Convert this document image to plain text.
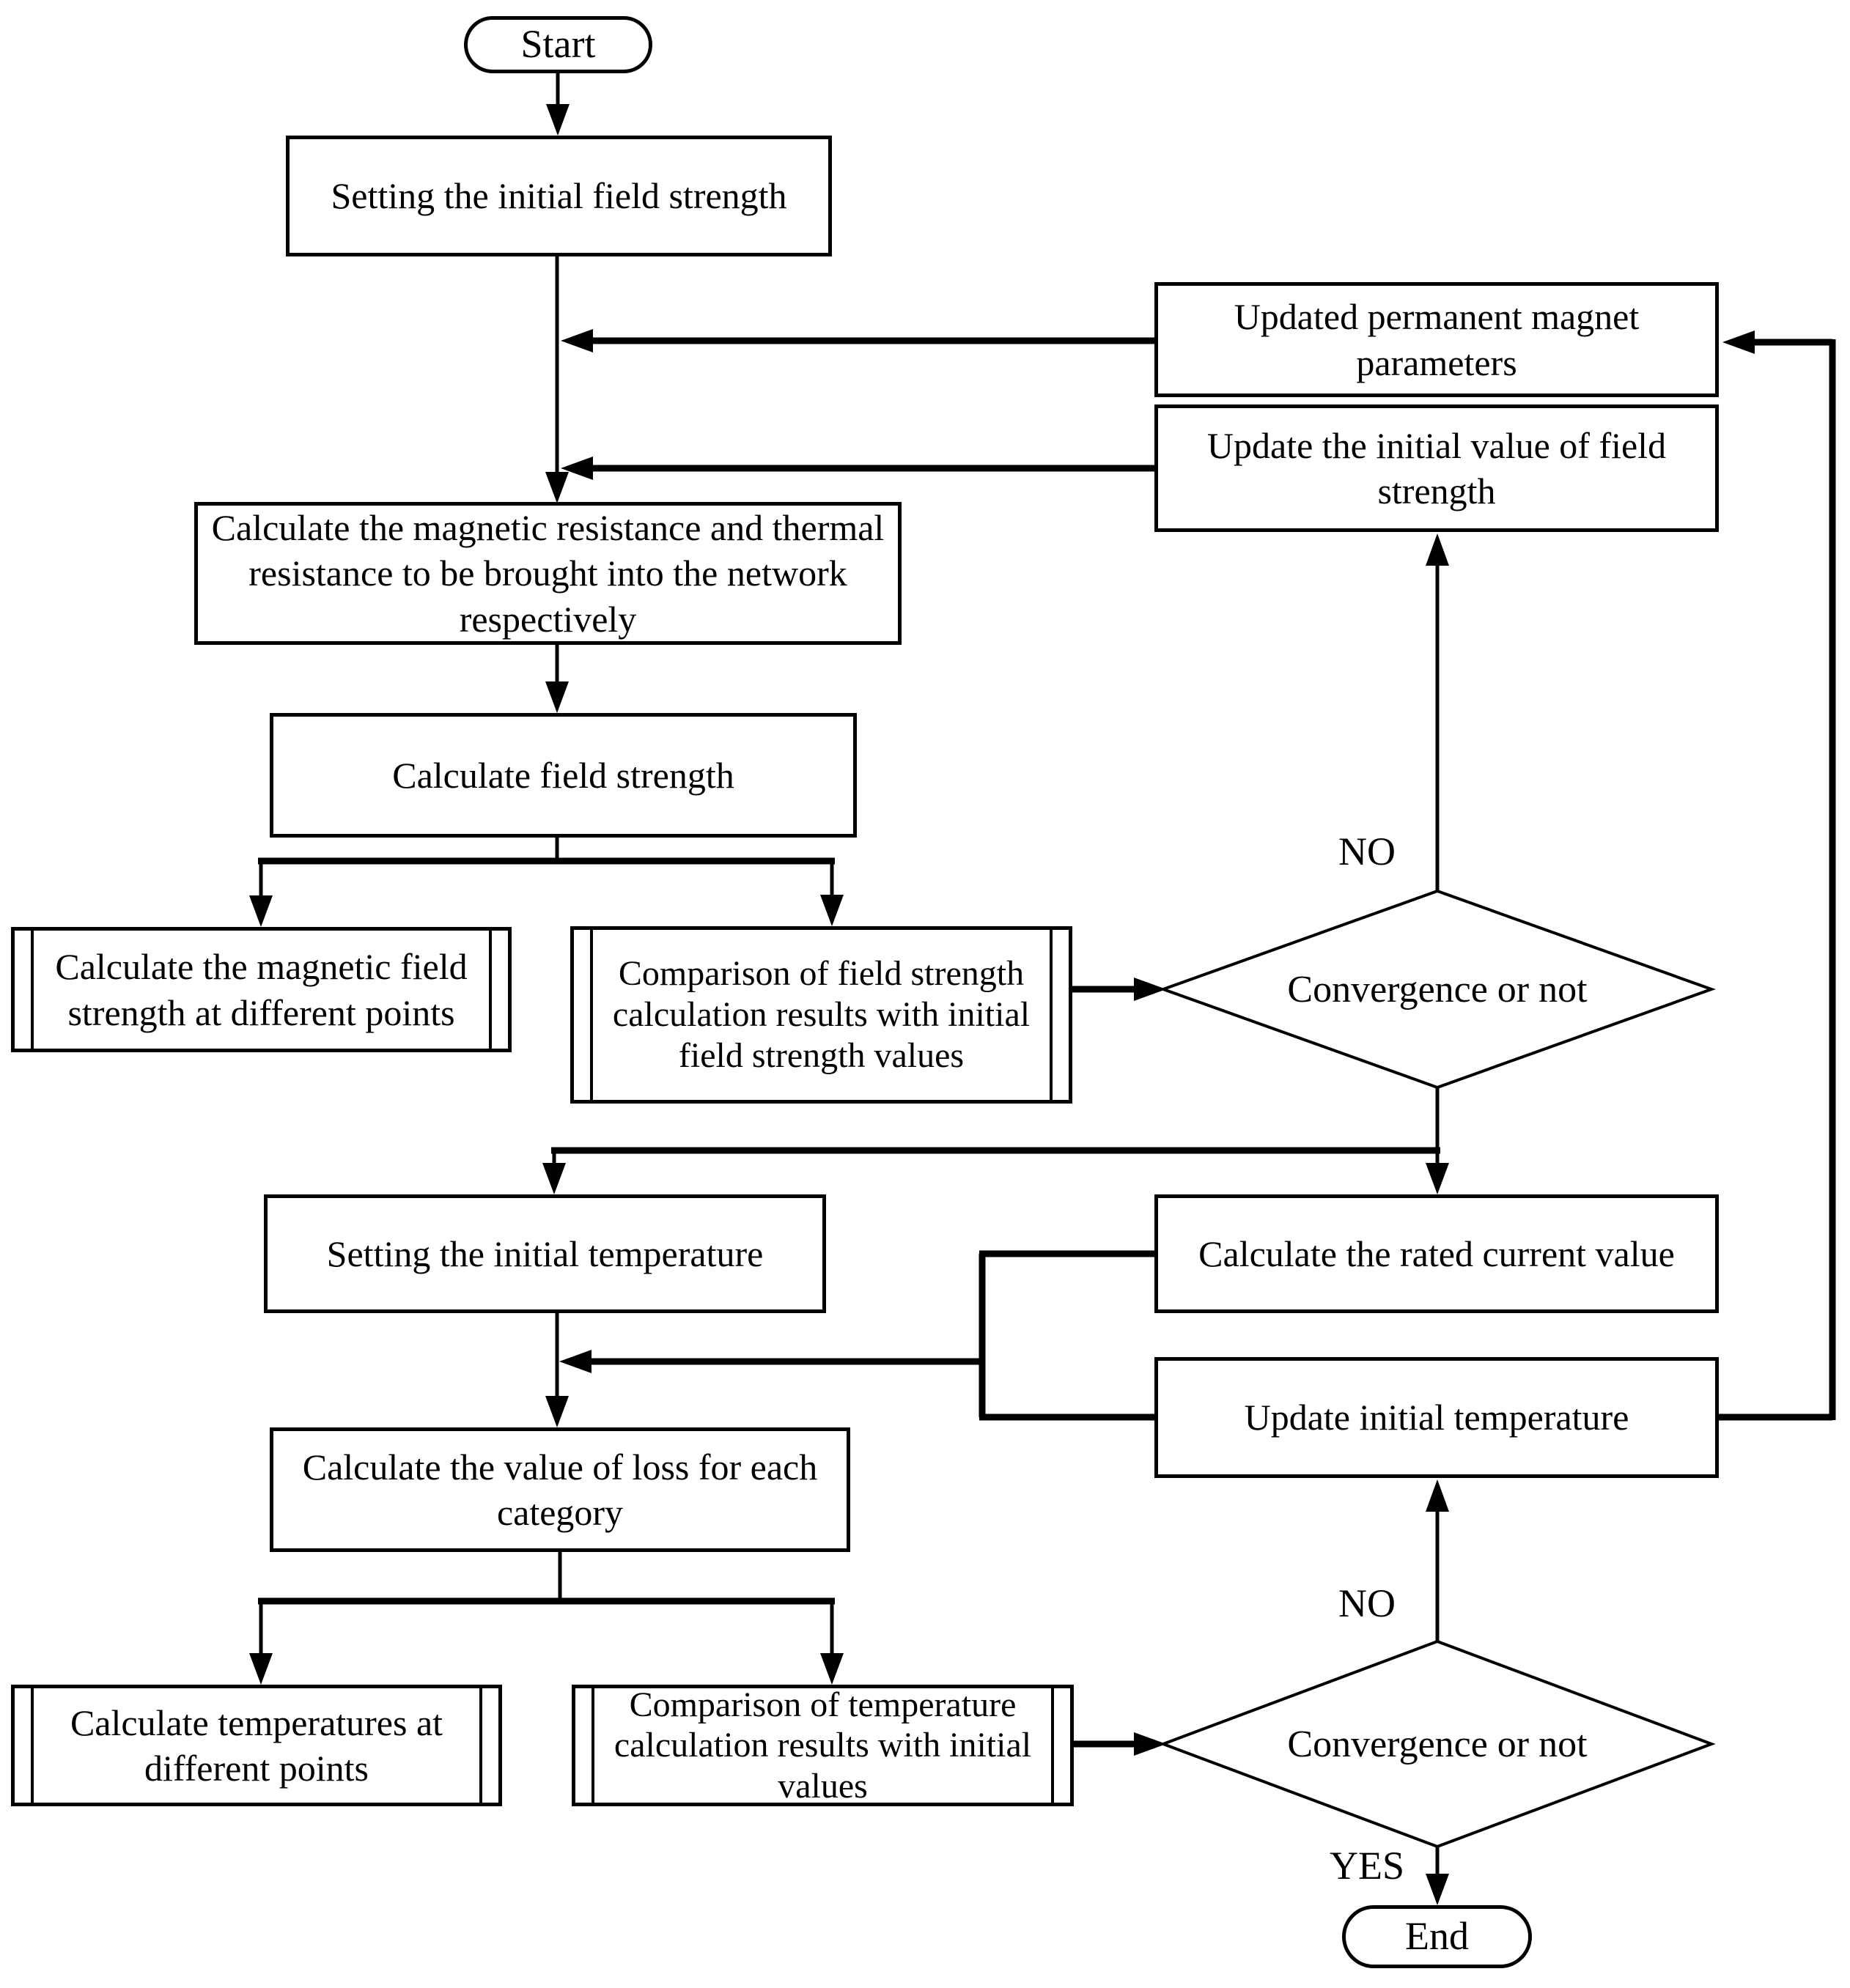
Start
End
Setting the initial field strength
Updated permanent magnet parameters
Update the initial value of field strength
Calculate the magnetic resistance and thermal resistance to be brought into the network respectively
Calculate field strength
Setting the initial temperature	Calculate the rated current value
Update initial temperature
Calculate the value of loss for each category
Calculate the magnetic field strength at different points
Comparison of field strength calculation results with initial field strength values
Calculate temperatures at different points
Comparison of temperature calculation results with initial values
Convergence or not
Convergence or not
NO
NO
YES
